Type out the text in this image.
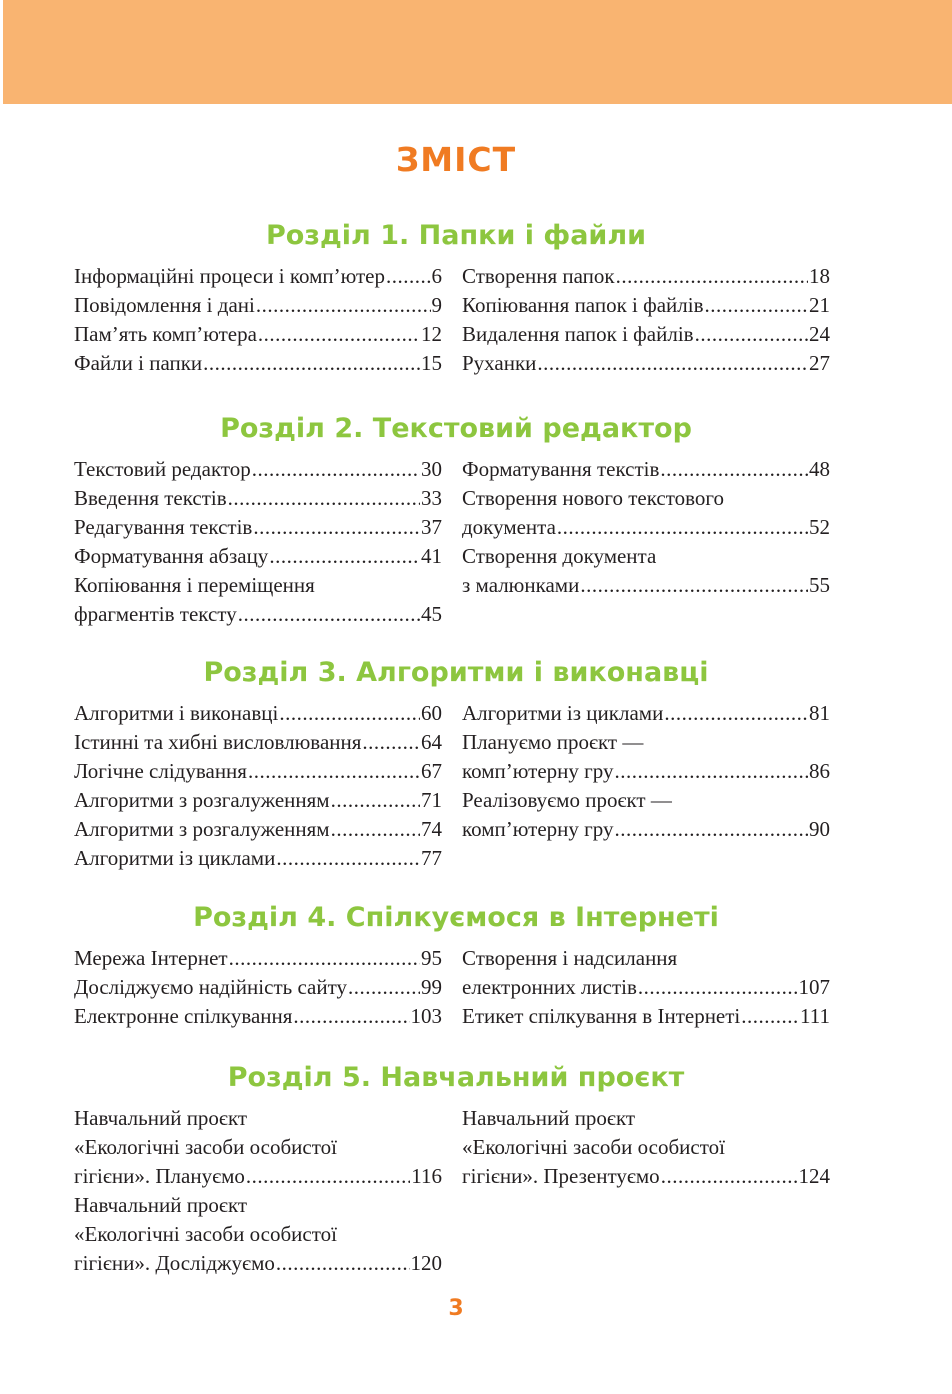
ЗМІСТ
Розділ 1. Папки і файли
Інформаційні процеси і комп’ютер ..... 6
Повідомлення і дані .....	9
Пам’ять комп’ютера .....	12
Файли і папки .....	15
Створення папок .....	18
Копіювання папок і файлів .....	21
Видалення папок і файлів .....	24
Руханки .....	27
Розділ 2. Текстовий редактор
Текстовий редактор .....	30
Введення текстів .....	33
Редагування текстів .....	37
Форматування абзацу .....	41
Копіювання і переміщення
фрагментів тексту .....	45
Форматування текстів .....	48
Створення нового текстового
документа .....	52
Створення документа
з малюнками .....	55
Розділ 3. Алгоритми і виконавці
Алгоритми і виконавці .....	60
Істинні та хибні висловлювання .....	64
Логічне слідування .....	67
Алгоритми з розгалуженням .....	71
Алгоритми з розгалуженням .....	74
Алгоритми із циклами .....	77
Алгоритми із циклами .....	81
Плануємо проєкт —
комп’ютерну гру .....	86
Реалізовуємо проєкт —
комп’ютерну гру .....	90
Розділ 4. Спілкуємося в Інтернеті
Мережа Інтернет .....	95
Досліджуємо надійність сайту .....	99
Електронне спілкування .....	103
Створення і надсилання
електронних листів .....	107
Етикет спілкування в Інтернеті .....	111
Розділ 5. Навчальний проєкт
Навчальний проєкт
«Екологічні засоби особистої
гігієни». Плануємо .....	116
Навчальний проєкт
«Екологічні засоби особистої
гігієни». Досліджуємо .....	120
Навчальний проєкт
«Екологічні засоби особистої
гігієни». Презентуємо .....	124
3
